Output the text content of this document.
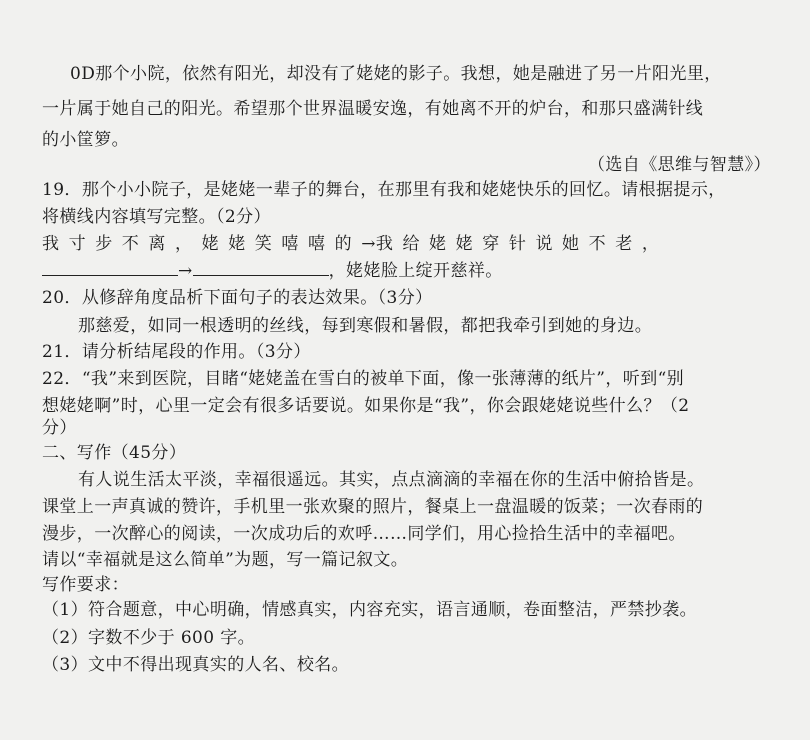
0D那个小院，依然有阳光，却没有了姥姥的影子。我想，她是融进了另一片阳光里，
一片属于她自己的阳光。希望那个世界温暖安逸，有她离不开的炉台，和那只盛满针线
的小筐箩。
（选自《思维与智慧》）
19．那个小小院子，是姥姥一辈子的舞台，在那里有我和姥姥快乐的回忆。请根据提示，
将横线内容填写完整。（2分）
我寸步不离，姥姥笑嘻嘻的→我给姥姥穿针说她不老，
→	，姥姥脸上绽开慈祥。
20．从修辞角度品析下面句子的表达效果。（3分）
那慈爱，如同一根透明的丝线，每到寒假和暑假，都把我牵引到她的身边。
21．请分析结尾段的作用。（3分）
22．“我”来到医院，目睹“姥姥盖在雪白的被单下面，像一张薄薄的纸片”，听到“别
想姥姥啊”时，心里一定会有很多话要说。如果你是“我”，你会跟姥姥说些什么？（2
分）
二、写作（45分）
有人说生活太平淡，幸福很遥远。其实，点点滴滴的幸福在你的生活中俯拾皆是。
课堂上一声真诚的赞许，手机里一张欢聚的照片，餐桌上一盘温暖的饭菜；一次春雨的
漫步，一次醉心的阅读，一次成功后的欢呼……同学们，用心捡拾生活中的幸福吧。
请以“幸福就是这么简单”为题，写一篇记叙文。
写作要求：
（1）符合题意，中心明确，情感真实，内容充实，语言通顺，卷面整洁，严禁抄袭。
（2）字数不少于 600 字。
（3）文中不得出现真实的人名、校名。
